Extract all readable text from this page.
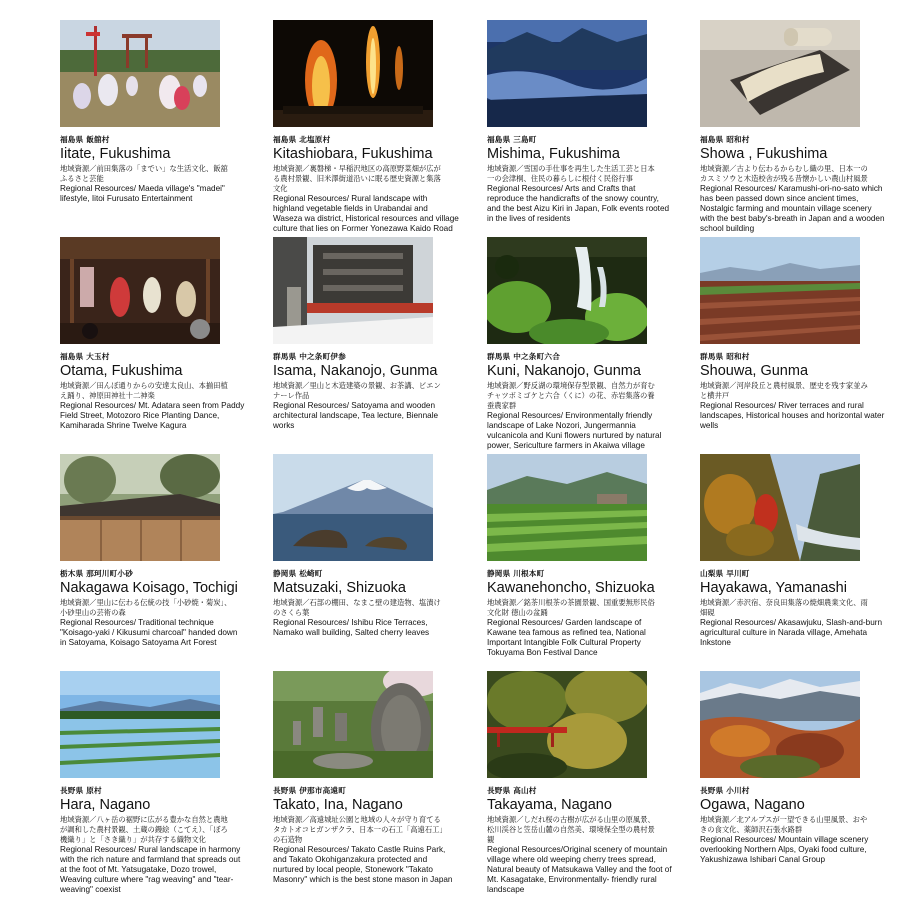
福島県 飯舘村
Iitate, Fukushima
地域資源／前田集落の「までい」な生活文化、飯舘ふるさと芸能
Regional Resources/ Maeda village's "madei" lifestyle, Iitoi Furusato Entertainment
福島県 北塩原村
Kitashiobara, Fukushima
地域資源／裏磐梯・早稲沢地区の高原野菜畑が広がる農村景観、旧米澤街道沿いに眠る歴史資源と集落文化
Regional Resources/ Rural landscape with highland vegetable fields in Urabandai and Waseza wa district, Historical resources and village culture that lies on Former Yonezawa Kaido Road
福島県 三島町
Mishima, Fukushima
地域資源／雪国の手仕事を再生した生活工芸と日本一の会津桐、住民の暮らしに根付く民俗行事
Regional Resources/ Arts and Crafts that reproduce the handicrafts of the snowy country, and the best Aizu Kiri in Japan, Folk events rooted in the lives of residents
福島県 昭和村
Showa , Fukushima
地域資源／古より伝わるからむし織の里、日本一のカスミソウと木造校舎が残る昔懐かしい農山村風景
Regional Resources/ Karamushi-ori-no-sato which has been passed down since ancient times, Nostalgic farming and mountain village scenery with the best baby's-breath in Japan and a wooden school building
福島県 大玉村
Otama, Fukushima
地域資源／田んぼ通りからの安達太良山、本揃田植え踊り、神原田神社十二神楽
Regional Resources/ Mt. Adatara seen from Paddy Field Street, Motozoro Rice Planting Dance, Kamiharada Shrine Twelve Kagura
群馬県 中之条町伊参
Isama, Nakanojo, Gunma
地域資源／里山と木造建築の景観、お茶講、ビエンナーレ作品
Regional Resources/ Satoyama and wooden architectural landscape, Tea lecture, Biennale works
群馬県 中之条町六合
Kuni, Nakanojo, Gunma
地域資源／野反湖の環境保存型景観、自然力が育むチャツボミゴケと六合（くに）の花、赤岩集落の養蚕農家群
Regional Resources/ Environmentally friendly landscape of Lake Nozori, Jungermannia vulcanicola and Kuni flowers nurtured by natural power, Sericulture farmers in Akaiwa village
群馬県 昭和村
Shouwa, Gunma
地域資源／河岸段丘と農村風景、歴史を残す家並みと横井戸
Regional Resources/ River terraces and rural landscapes, Historical houses and horizontal water wells
栃木県 那珂川町小砂
Nakagawa Koisago, Tochigi
地域資源／里山に伝わる伝統の技「小砂焼・菊炭」、小砂里山の芸術の森
Regional Resources/ Traditional technique "Koisago-yaki / Kikusumi charcoal" handed down in Satoyama, Koisago Satoyama Art Forest
静岡県 松崎町
Matsuzaki, Shizuoka
地域資源／石部の棚田、なまこ壁の建造物、塩漬けのさくら葉
Regional Resources/ Ishibu Rice Terraces, Namako wall building, Salted cherry leaves
静岡県 川根本町
Kawanehoncho, Shizuoka
地域資源／銘茶川根茶の茶園景観、国重要無形民俗文化財 徳山の盆踊
Regional Resources/ Garden landscape of Kawane tea famous as refined tea, National Important Intangible Folk Cultural Property Tokuyama Bon Festival Dance
山梨県 早川町
Hayakawa, Yamanashi
地域資源／赤沢宿、奈良田集落の焼畑農業文化、雨畑硯
Regional Resources/ Akasawjuku, Slash-and-burn agricultural culture in Narada village, Amehata Inkstone
長野県 原村
Hara, Nagano
地域資源／八ヶ岳の裾野に広がる豊かな自然と農地が調和した農村景観、土蔵の鏝絵（こてえ）、「ぼろ機織り」と「さき織り」が共存する織物文化
Regional Resources/ Rural landscape in harmony with the rich nature and farmland that spreads out at the foot of Mt. Yatsugatake, Dozo trowel, Weaving culture where "rag weaving" and "tear-weaving" coexist
長野県 伊那市高遠町
Takato, Ina, Nagano
地域資源／高遠城址公園と地域の人々が守り育てるタカトオコヒガンザクラ、日本一の石工「高遠石工」の石造物
Regional Resources/ Takato Castle Ruins Park, and Takato Okohiganzakura protected and nurtured by local people, Stonework "Takato Masonry" which is the best stone mason in Japan
長野県 高山村
Takayama, Nagano
地域資源／しだれ桜の古樹が広がる山里の原風景、松川渓谷と笠岳山麓の自然美、環境保全型の農村景観
Regional Resources/Original scenery of mountain village where old weeping cherry trees spread, Natural beauty of Matsukawa Valley and the foot of Mt. Kasagatake, Environmentally- friendly rural landscape
長野県 小川村
Ogawa, Nagano
地域資源／北アルプスが一望できる山里風景、おやきの食文化、薬師沢石張水路群
Regional Resources/ Mountain village scenery overlooking Northern Alps, Oyaki food culture, Yakushizawa Ishibari Canal Group
